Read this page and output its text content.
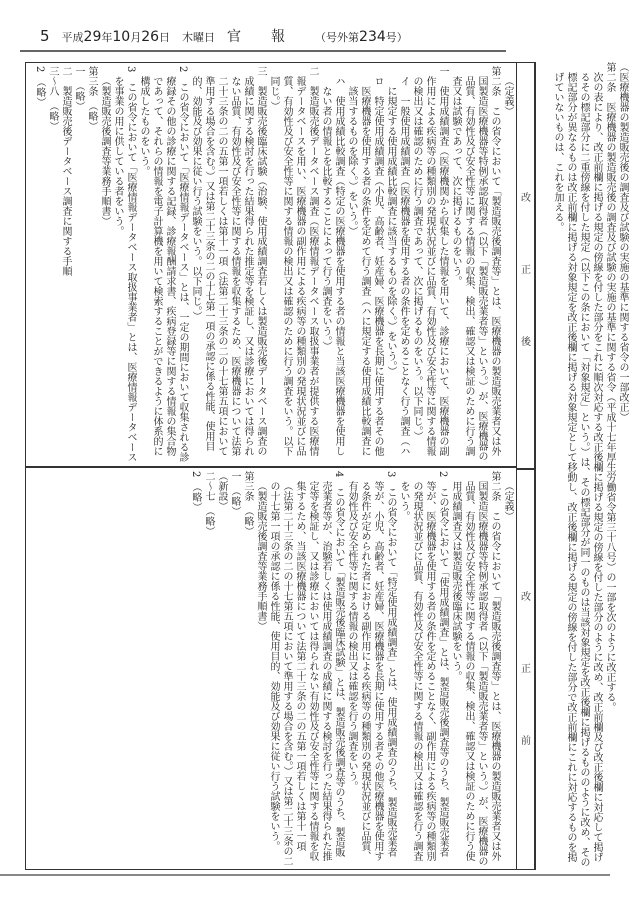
5 平成29年10月26日 木曜日 官 報	（号外第234号）

（医療機器の製造販売後の調査及び試験の実施の基準に関する省令の一部改正）

第二条　医療機器の製造販売後の調査及び試験の実施の基準に関する省令（平成十七年厚生労働省令第三十八号）の一部を次のように改正する。

次の表により、改正前欄に掲げる規定の傍線を付した部分をこれに順次対応する改正後欄に掲げる規定の傍線を付した部分のように改め、改正前欄及び改正後欄に対応して掲げるその標記部分に二重傍線を付した規定（以下この条において「対象規定」という。）は、その標記部分が同一のものは当該対象規定を改正後欄に掲げるもののように改め、その標記部分が異なるものは改正前欄に掲げる対象規定を改正後欄に掲げる対象規定として移動し、改正後欄に掲げる規定の傍線を付した部分で改正前欄にこれに対応するものを掲げていないものは、これを加える。

（定義）

第二条　この省令において「製造販売後調査等」とは、医療機器の製造販売業者又は外国製造医療機器等特例承認取得者（以下「製造販売業者等」という。）が、医療機器の品質、有効性及び安全性等に関する情報の収集、検出、確認又は検証のために行う調査又は試験であって、次に掲げるものをいう。

一　使用成績調査（医療機関から収集した情報を用いて、診療において、医療機器の副作用による疾病等の種類別の発現状況並びに品質、有効性及び安全性等に関する情報の検出又は確認のために行う調査であって、次に掲げるものをいう。以下同じ。）

イ　一般使用成績調査（医療機器を使用する者の条件を定めることなく行う調査（ハに規定する使用成績比較調査に該当するものを除く。）をいう。）

ロ　特定使用成績調査（小児、高齢者、妊産婦、医療機器を長期に使用する者その他医療機器を使用する者の条件を定めて行う調査（ハに規定する使用成績比較調査に該当するものを除く。）をいう。）

ハ　使用成績比較調査（特定の医療機器を使用する者の情報と当該医療機器を使用しない者の情報とを比較することによって行う調査をいう。）

二　製造販売後データベース調査（医療情報データベース取扱事業者が提供する医療情報データベースを用い、医療機器の副作用による疾病等の種類別の発現状況並びに品質、有効性及び安全性等に関する情報の検出又は確認のために行う調査をいう。以下同じ。）

三　製造販売後臨床試験（治験、使用成績調査若しくは製造販売後データベース調査の成績に関する検討を行った結果得られた推定等を検証し、又は診療においては得られない品質、有効性及び安全性等に関する情報を収集するため、医療機器について法第二十三条の二の五第一項若しくは第十一項（法第二十三条の二の十七第五項において準用する場合を含む。）又は第二十三条の二の十七第一項の承認に係る性能、使用目的、効能及び効果に従い行う試験をいう。以下同じ。）

2　この省令において「医療情報データベース」とは、一定の期間において収集される診療録その他の診療に関する記録、診療報酬請求書、疾病登録等に関する情報の集合物であって、それらの情報を電子計算機を用いて検索することができるように体系的に構成したものをいう。

3　この省令において「医療情報データベース取扱事業者」とは、医療情報データベースを事業の用に供している者をいう。

（製造販売後調査等業務手順書）

第三条　（略）

一　（略）

二　製造販売後データベース調査に関する手順

三〜八　（略）

2　（略）

改
正
後

（定義）

第二条　この省令において「製造販売後調査等」とは、医療機器の製造販売業者又は外国製造医療機器等特例承認取得者（以下「製造販売業者等」という。）が、医療機器の品質、有効性及び安全性等に関する情報の収集、検出、確認又は検証のために行う使用成績調査又は製造販売後臨床試験をいう。

2　この省令において「使用成績調査」とは、製造販売後調査等のうち、製造販売業者等が、医療機器を使用する者の条件を定めることなく、副作用による疾病等の種類別の発現状況並びに品質、有効性及び安全性等に関する情報の検出又は確認を行う調査をいう。

3　この省令において「特定使用成績調査」とは、使用成績調査のうち、製造販売業者等が、小児、高齢者、妊産婦、医療機器を長期に使用する者その他医療機器を使用する条件が定められた者における副作用による疾病等の種類別の発現状況並びに品質、有効性及び安全性等に関する情報の検出又は確認を行う調査をいう。

4　この省令において「製造販売後臨床試験」とは、製造販売後調査等のうち、製造販売業者等が、治験若しくは使用成績調査の成績に関する検討を行った結果得られた推定等を検証し、又は診療においては得られない有効性及び安全性等に関する情報を収集するため、当該医療機器について法第二十三条の二の五第一項若しくは第十一項（法第二十三条の二の十七第五項において準用する場合を含む。）又は第二十三条の二の十七第一項の承認に係る性能、使用目的、効能及び効果に従い行う試験をいう。

（製造販売後調査等業務手順書）

第三条　（略）

一　（略）

（新設）

二〜七　（略）

2　（略）

改
正
前
